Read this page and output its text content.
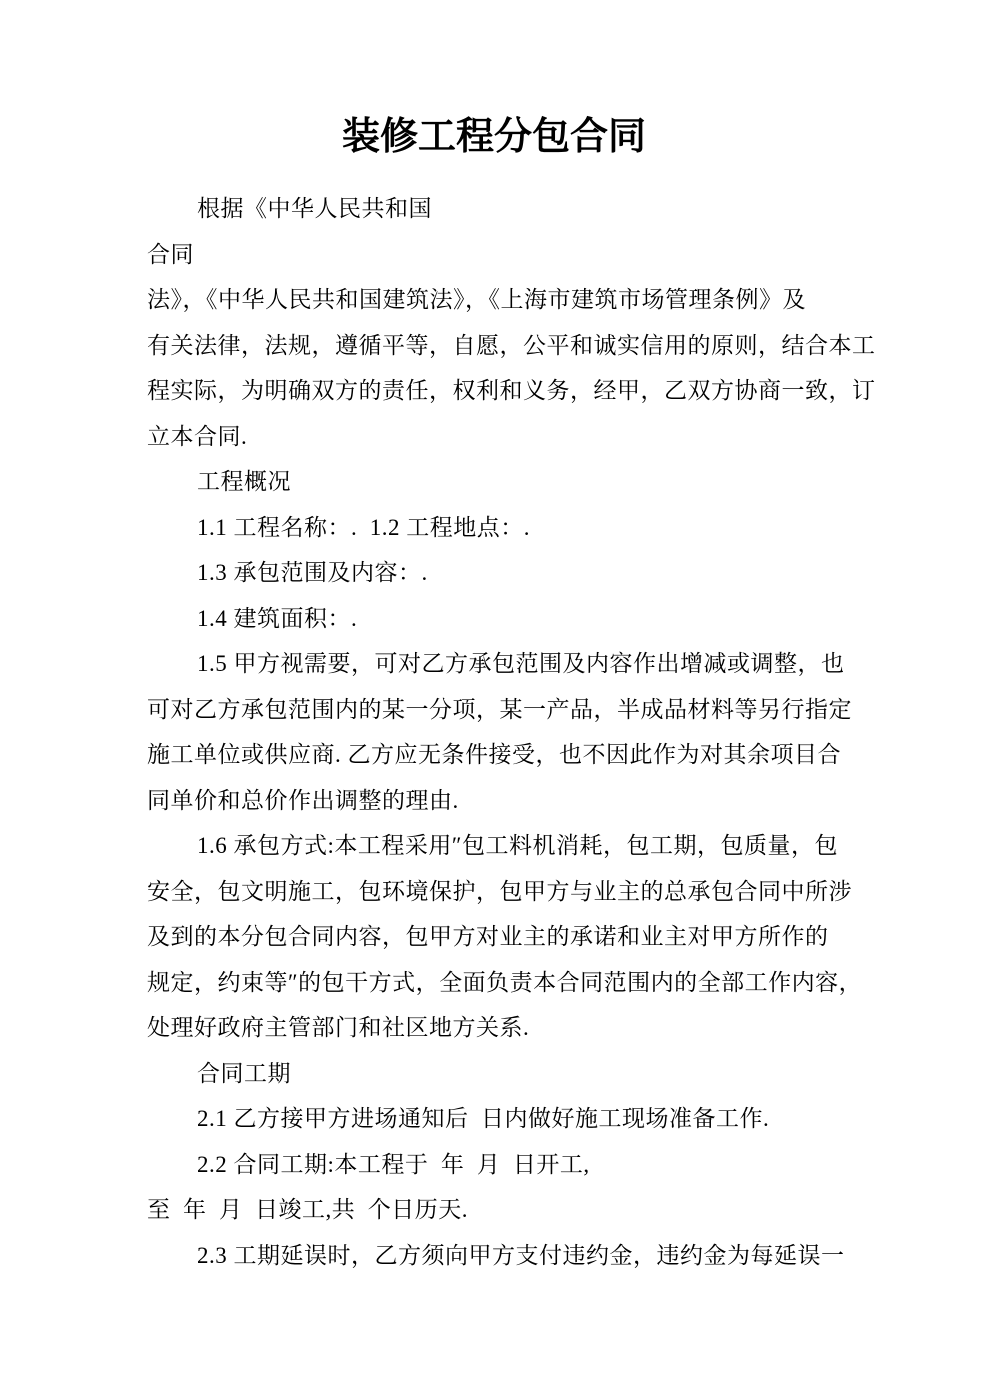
装修工程分包合同
根据《中华人民共和国
合同
法》，《中华人民共和国建筑法》，《上海市建筑市场管理条例》及
有关法律，法规，遵循平等，自愿，公平和诚实信用的原则，结合本工
程实际，为明确双方的责任，权利和义务，经甲，乙双方协商一致，订
立本合同.
工程概况
1.1 工程名称：.  1.2 工程地点：.
1.3 承包范围及内容：.
1.4 建筑面积：.
1.5 甲方视需要，可对乙方承包范围及内容作出增减或调整，也
可对乙方承包范围内的某一分项，某一产品，半成品材料等另行指定
施工单位或供应商. 乙方应无条件接受，也不因此作为对其余项目合
同单价和总价作出调整的理由.
1.6 承包方式:本工程采用″包工料机消耗，包工期，包质量，包
安全，包文明施工，包环境保护，包甲方与业主的总承包合同中所涉
及到的本分包合同内容，包甲方对业主的承诺和业主对甲方所作的
规定，约束等″的包干方式，全面负责本合同范围内的全部工作内容，
处理好政府主管部门和社区地方关系.
合同工期
2.1 乙方接甲方进场通知后  日内做好施工现场准备工作.
2.2 合同工期:本工程于  年  月  日开工,
至  年  月  日竣工,共  个日历天.
2.3 工期延误时，乙方须向甲方支付违约金，违约金为每延误一
